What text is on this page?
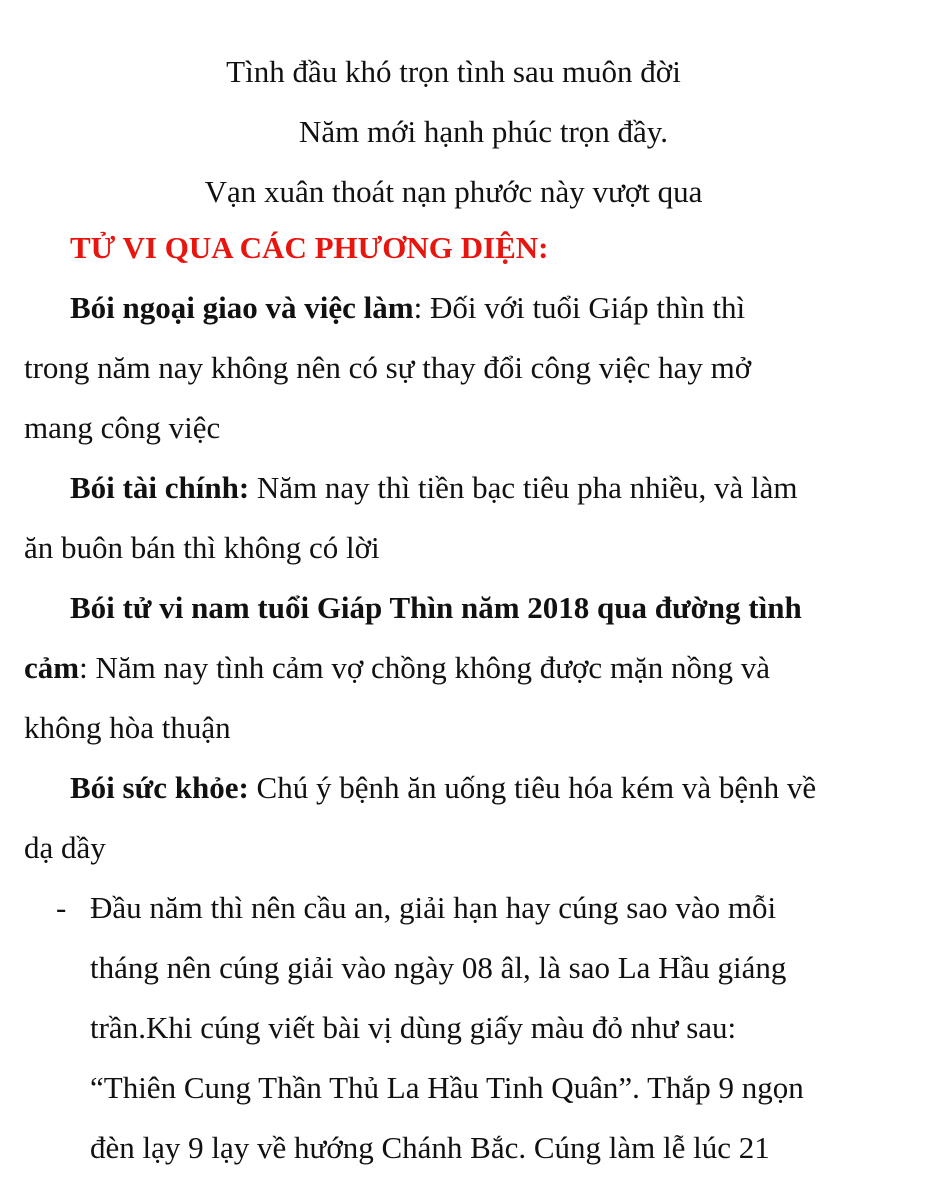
Tình đầu khó trọn tình sau muôn đời
Năm mới hạnh phúc trọn đầy.
Vạn xuân thoát nạn phước này vượt qua
TỬ VI QUA CÁC PHƯƠNG DIỆN:

Bói ngoại giao và việc làm: Đối với tuổi Giáp thìn thì
trong năm nay không nên có sự thay đổi công việc hay mở
mang công việc

Bói tài chính: Năm nay thì tiền bạc tiêu pha nhiều, và làm
ăn buôn bán thì không có lời

Bói tử vi nam tuổi Giáp Thìn năm 2018 qua đường tình
cảm: Năm nay tình cảm vợ chồng không được mặn nồng và
không hòa thuận

Bói sức khỏe: Chú ý bệnh ăn uống tiêu hóa kém và bệnh về
dạ dầy

- Đầu năm thì nên cầu an, giải hạn hay cúng sao vào mỗi
tháng nên cúng giải vào ngày 08 âl, là sao La Hầu giáng
trần.Khi cúng viết bài vị dùng giấy màu đỏ như sau:
“Thiên Cung Thần Thủ La Hầu Tinh Quân”. Thắp 9 ngọn
đèn lạy 9 lạy về hướng Chánh Bắc. Cúng làm lễ lúc 21
